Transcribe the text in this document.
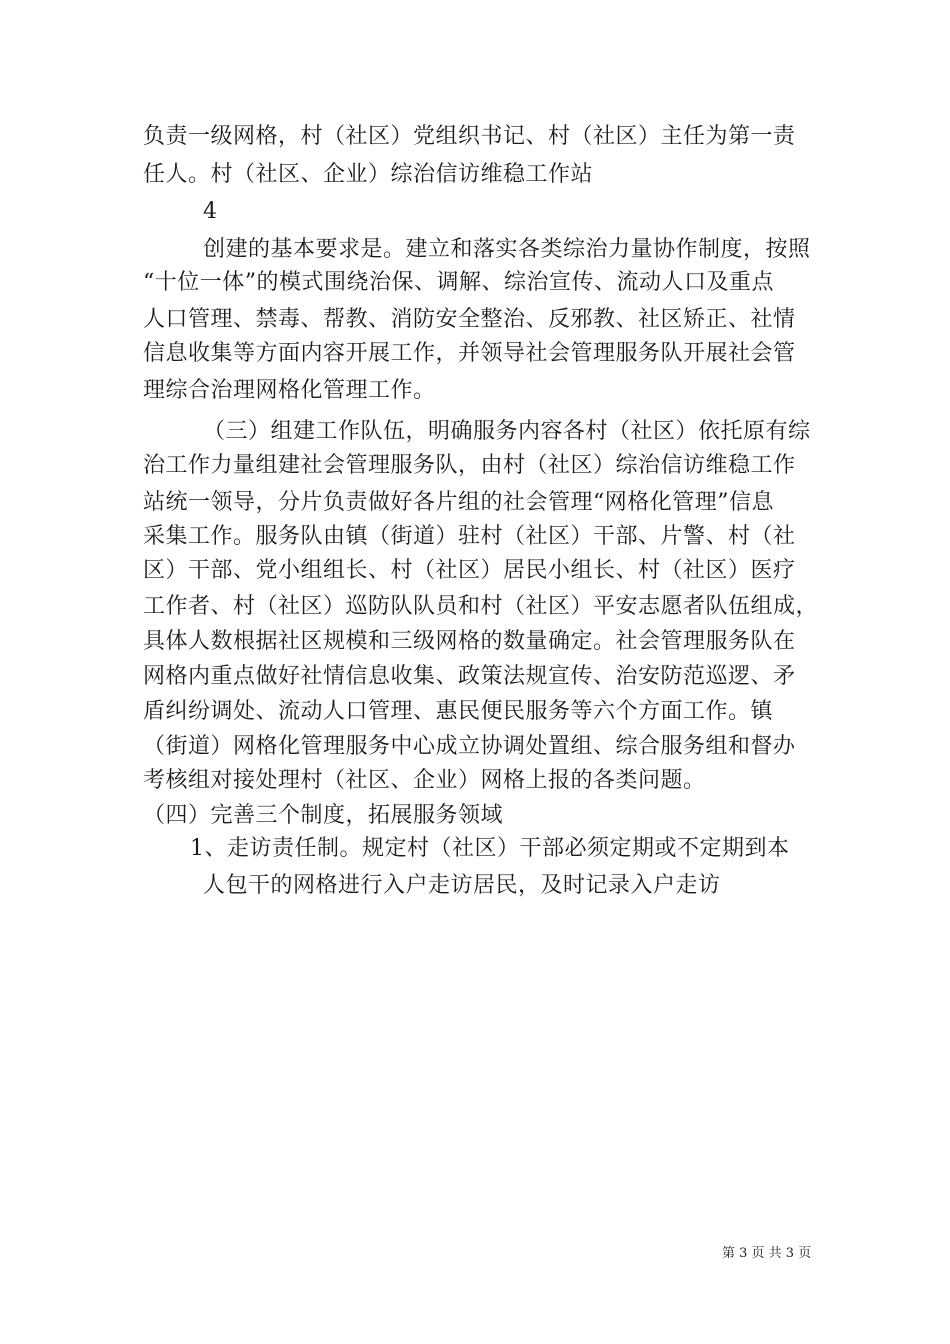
负责一级网格，村（社区）党组织书记、村（社区）主任为第一责
任人。村（社区、企业）综治信访维稳工作站
4
创建的基本要求是。建立和落实各类综治力量协作制度，按照
“十位一体”的模式围绕治保、调解、综治宣传、流动人口及重点
人口管理、禁毒、帮教、消防安全整治、反邪教、社区矫正、社情
信息收集等方面内容开展工作，并领导社会管理服务队开展社会管
理综合治理网格化管理工作。
（三）组建工作队伍，明确服务内容各村（社区）依托原有综
治工作力量组建社会管理服务队，由村（社区）综治信访维稳工作
站统一领导，分片负责做好各片组的社会管理“网格化管理”信息
采集工作。服务队由镇（街道）驻村（社区）干部、片警、村（社
区）干部、党小组组长、村（社区）居民小组长、村（社区）医疗
工作者、村（社区）巡防队队员和村（社区）平安志愿者队伍组成，
具体人数根据社区规模和三级网格的数量确定。社会管理服务队在
网格内重点做好社情信息收集、政策法规宣传、治安防范巡逻、矛
盾纠纷调处、流动人口管理、惠民便民服务等六个方面工作。镇
（街道）网格化管理服务中心成立协调处置组、综合服务组和督办
考核组对接处理村（社区、企业）网格上报的各类问题。
（四）完善三个制度，拓展服务领域
1、走访责任制。规定村（社区）干部必须定期或不定期到本
人包干的网格进行入户走访居民，及时记录入户走访
第 3 页 共 3 页
